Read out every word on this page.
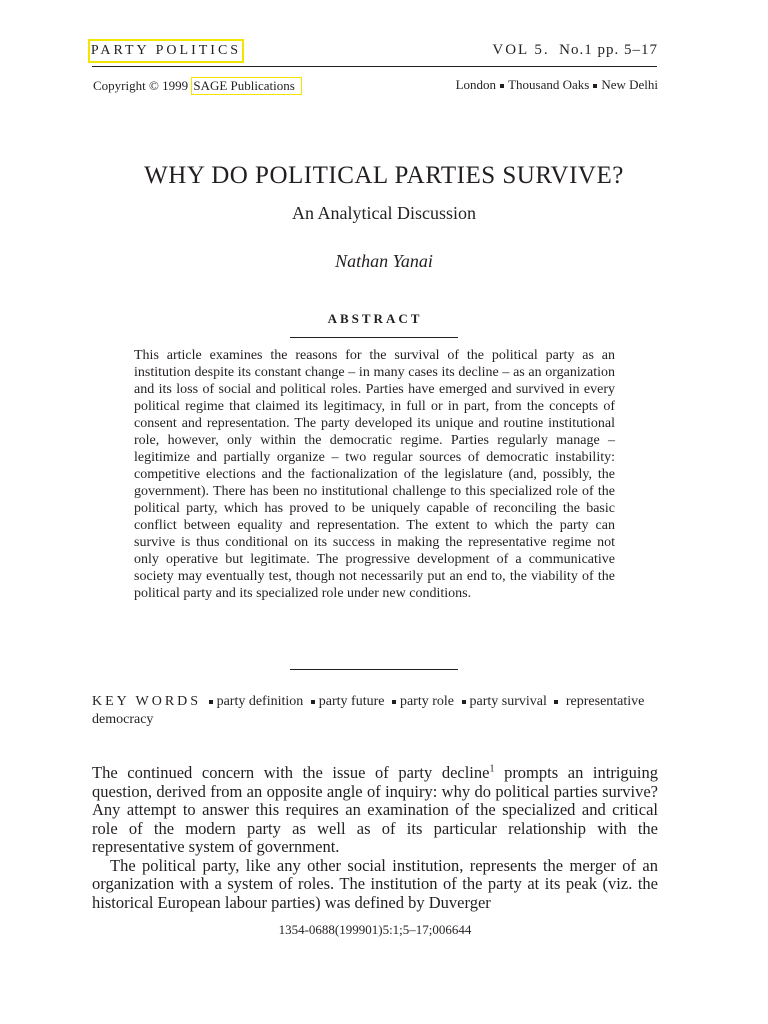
PARTY POLITICS	VOL 5. No.1 pp. 5–17
Copyright © 1999 SAGE Publications	London Thousand Oaks New Delhi
WHY DO POLITICAL PARTIES SURVIVE?
An Analytical Discussion
Nathan Yanai
ABSTRACT
This article examines the reasons for the survival of the political party as an institution despite its constant change – in many cases its decline – as an organization and its loss of social and political roles. Parties have emerged and survived in every political regime that claimed its legitimacy, in full or in part, from the concepts of consent and representation. The party developed its unique and routine institutional role, however, only within the democratic regime. Parties regularly manage – legitimize and partially organize – two regular sources of democratic instability: competitive elections and the factionalization of the legislature (and, possibly, the government). There has been no institutional challenge to this specialized role of the political party, which has proved to be uniquely capable of reconciling the basic conflict between equality and representation. The extent to which the party can survive is thus conditional on its success in making the representative regime not only operative but legitimate. The progressive development of a communicative society may eventually test, though not necessarily put an end to, the viability of the political party and its specialized role under new conditions.
KEY WORDS party definition party future party role party survival representative democracy

The continued concern with the issue of party decline$^1$ prompts an intriguing question, derived from an opposite angle of inquiry: why do political parties survive? Any attempt to answer this requires an examination of the specialized and critical role of the modern party as well as of its particular relationship with the representative system of government.

The political party, like any other social institution, represents the merger of an organization with a system of roles. The institution of the party at its peak (viz. the historical European labour parties) was defined by Duverger

1354-0688(199901)5:1;5–17;006644
